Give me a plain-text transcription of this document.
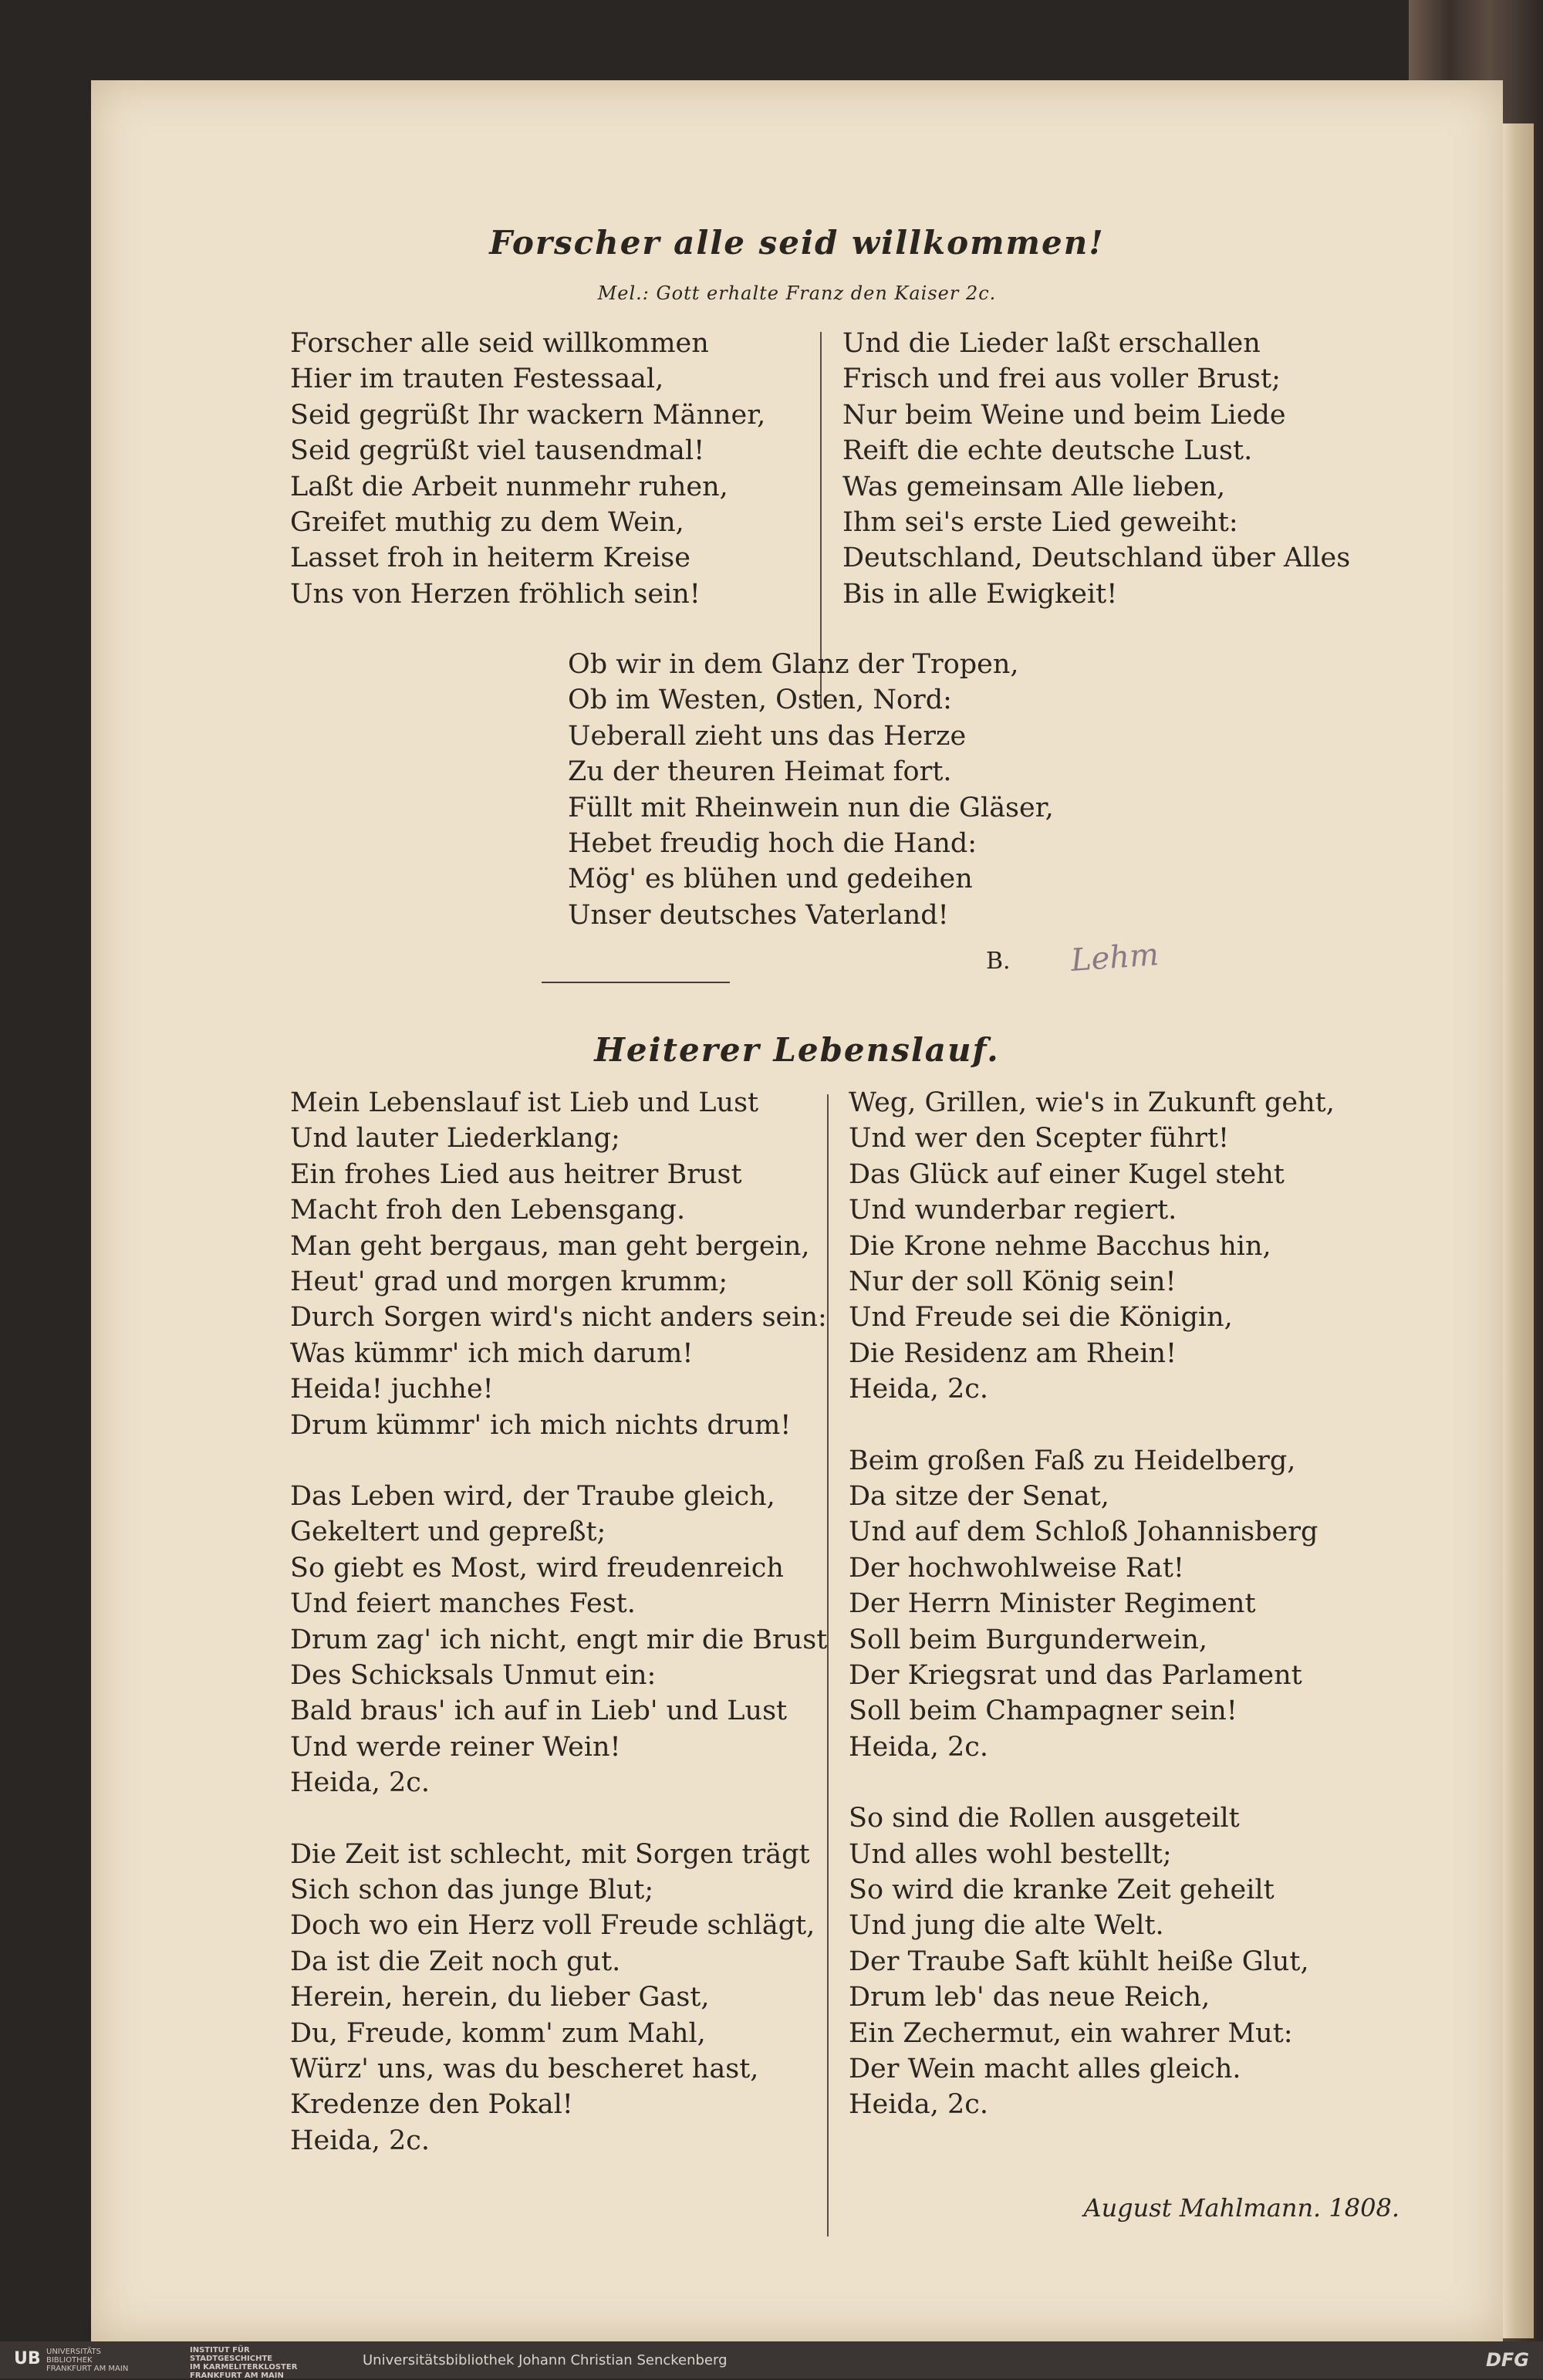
Forscher alle seid willkommen!
Mel.: Gott erhalte Franz den Kaiser 2c.
Forscher alle seid willkommen
Hier im trauten Festessaal,
Seid gegrüßt Ihr wackern Männer,
Seid gegrüßt viel tausendmal!
Laßt die Arbeit nunmehr ruhen,
Greifet muthig zu dem Wein,
Lasset froh in heiterm Kreise
Uns von Herzen fröhlich sein!
Und die Lieder laßt erschallen
Frisch und frei aus voller Brust;
Nur beim Weine und beim Liede
Reift die echte deutsche Lust.
Was gemeinsam Alle lieben,
Ihm sei's erste Lied geweiht:
Deutschland, Deutschland über Alles
Bis in alle Ewigkeit!
Ob wir in dem Glanz der Tropen,
Ob im Westen, Osten, Nord:
Ueberall zieht uns das Herze
Zu der theuren Heimat fort.
Füllt mit Rheinwein nun die Gläser,
Hebet freudig hoch die Hand:
Mög' es blühen und gedeihen
Unser deutsches Vaterland!
B. Lehm
Heiterer Lebenslauf.
Mein Lebenslauf ist Lieb und Lust
Und lauter Liederklang;
Ein frohes Lied aus heitrer Brust
Macht froh den Lebensgang.
Man geht bergaus, man geht bergein,
Heut' grad und morgen krumm;
Durch Sorgen wird's nicht anders sein:
Was kümmr' ich mich darum!
Heida! juchhe!
Drum kümmr' ich mich nichts drum!
Das Leben wird, der Traube gleich,
Gekeltert und gepreßt;
So giebt es Most, wird freudenreich
Und feiert manches Fest.
Drum zag' ich nicht, engt mir die Brust
Des Schicksals Unmut ein:
Bald braus' ich auf in Lieb' und Lust
Und werde reiner Wein!
Heida, 2c.
Die Zeit ist schlecht, mit Sorgen trägt
Sich schon das junge Blut;
Doch wo ein Herz voll Freude schlägt,
Da ist die Zeit noch gut.
Herein, herein, du lieber Gast,
Du, Freude, komm' zum Mahl,
Würz' uns, was du bescheret hast,
Kredenze den Pokal!
Heida, 2c.
Weg, Grillen, wie's in Zukunft geht,
Und wer den Scepter führt!
Das Glück auf einer Kugel steht
Und wunderbar regiert.
Die Krone nehme Bacchus hin,
Nur der soll König sein!
Und Freude sei die Königin,
Die Residenz am Rhein!
Heida, 2c.
Beim großen Faß zu Heidelberg,
Da sitze der Senat,
Und auf dem Schloß Johannisberg
Der hochwohlweise Rat!
Der Herrn Minister Regiment
Soll beim Burgunderwein,
Der Kriegsrat und das Parlament
Soll beim Champagner sein!
Heida, 2c.
So sind die Rollen ausgeteilt
Und alles wohl bestellt;
So wird die kranke Zeit geheilt
Und jung die alte Welt.
Der Traube Saft kühlt heiße Glut,
Drum leb' das neue Reich,
Ein Zechermut, ein wahrer Mut:
Der Wein macht alles gleich.
Heida, 2c.
August Mahlmann. 1808.
UB UNIVERSITÄTS
BIBLIOTHEK
FRANKFURT AM MAIN
INSTITUT FÜR
STADTGESCHICHTE
IM KARMELITERKLOSTER
FRANKFURT AM MAIN
Universitätsbibliothek Johann Christian Senckenberg	DFG
